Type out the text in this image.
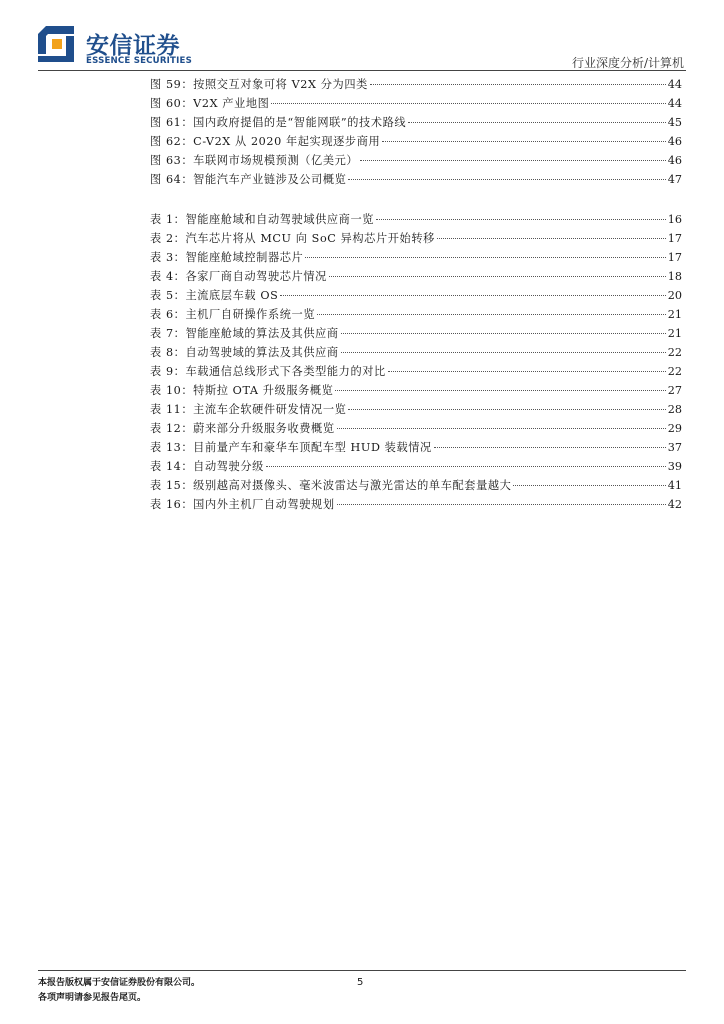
安信证券
ESSENCE SECURITIES	行业深度分析/计算机
图 59：按照交互对象可将 V2X 分为四类	44
图 60：V2X 产业地图	44
图 61：国内政府提倡的是“智能网联”的技术路线	45
图 62：C-V2X 从 2020 年起实现逐步商用	46
图 63：车联网市场规模预测（亿美元）	46
图 64：智能汽车产业链涉及公司概览	47
表 1：智能座舱域和自动驾驶域供应商一览	16
表 2：汽车芯片将从 MCU 向 SoC 异构芯片开始转移	17
表 3：智能座舱域控制器芯片	17
表 4：各家厂商自动驾驶芯片情况	18
表 5：主流底层车载 OS	20
表 6：主机厂自研操作系统一览	21
表 7：智能座舱域的算法及其供应商	21
表 8：自动驾驶域的算法及其供应商	22
表 9：车载通信总线形式下各类型能力的对比	22
表 10：特斯拉 OTA 升级服务概览	27
表 11：主流车企软硬件研发情况一览	28
表 12：蔚来部分升级服务收费概览	29
表 13：目前量产车和豪华车顶配车型 HUD 装载情况	37
表 14：自动驾驶分级	39
表 15：级别越高对摄像头、毫米波雷达与激光雷达的单车配套量越大	41
表 16：国内外主机厂自动驾驶规划	42
本报告版权属于安信证券股份有限公司。
各项声明请参见报告尾页。
5
